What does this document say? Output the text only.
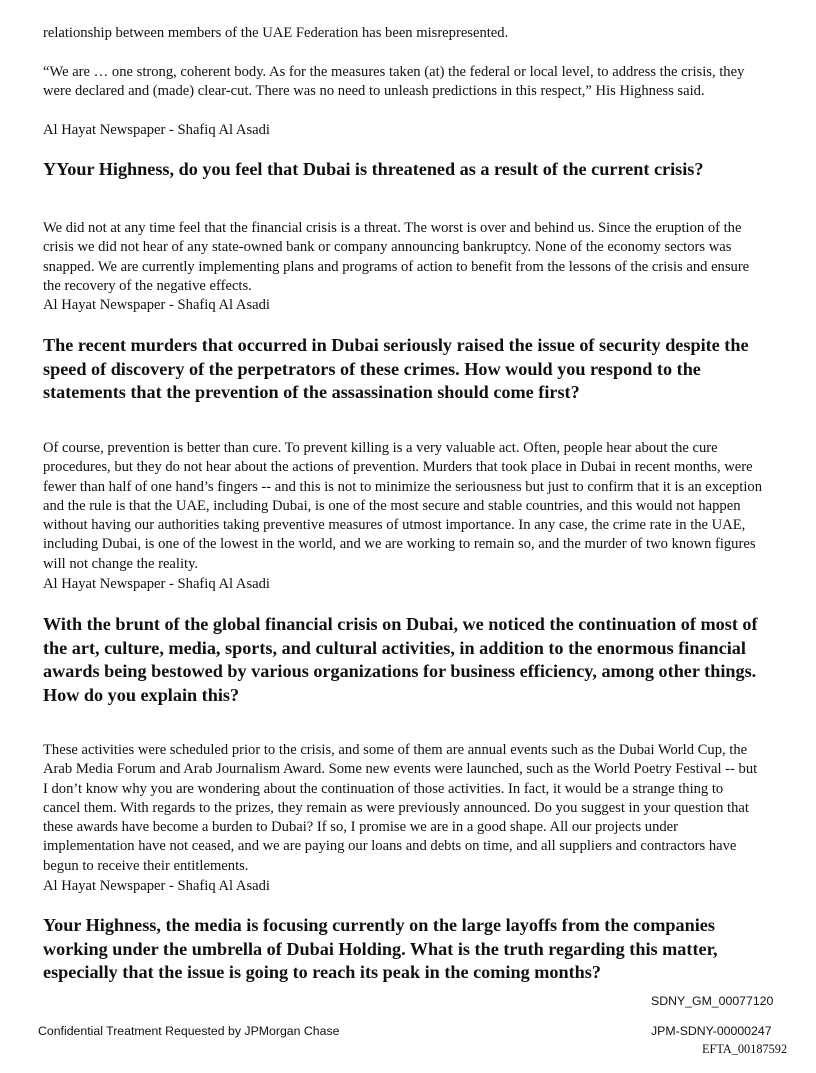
relationship between members of the UAE Federation has been misrepresented.

“We are … one strong, coherent body. As for the measures taken (at) the federal or local level, to address the crisis, they were declared and (made) clear-cut. There was no need to unleash predictions in this respect,” His Highness said.

Al Hayat Newspaper - Shafiq Al Asadi

YYour Highness, do you feel that Dubai is threatened as a result of the current crisis?

We did not at any time feel that the financial crisis is a threat. The worst is over and behind us. Since the eruption of the crisis we did not hear of any state-owned bank or company announcing bankruptcy. None of the economy sectors was snapped. We are currently implementing plans and programs of action to benefit from the lessons of the crisis and ensure the recovery of the negative effects.

Al Hayat Newspaper - Shafiq Al Asadi

The recent murders that occurred in Dubai seriously raised the issue of security despite the speed of discovery of the perpetrators of these crimes. How would you respond to the statements that the prevention of the assassination should come first?

Of course, prevention is better than cure. To prevent killing is a very valuable act. Often, people hear about the cure procedures, but they do not hear about the actions of prevention. Murders that took place in Dubai in recent months, were fewer than half of one hand’s fingers -- and this is not to minimize the seriousness but just to confirm that it is an exception and the rule is that the UAE, including Dubai, is one of the most secure and stable countries, and this would not happen without having our authorities taking preventive measures of utmost importance. In any case, the crime rate in the UAE, including Dubai, is one of the lowest in the world, and we are working to remain so, and the murder of two known figures will not change the reality.

Al Hayat Newspaper - Shafiq Al Asadi

With the brunt of the global financial crisis on Dubai, we noticed the continuation of most of the art, culture, media, sports, and cultural activities, in addition to the enormous financial awards being bestowed by various organizations for business efficiency, among other things. How do you explain this?

These activities were scheduled prior to the crisis, and some of them are annual events such as the Dubai World Cup, the Arab Media Forum and Arab Journalism Award. Some new events were launched, such as the World Poetry Festival -- but I don’t know why you are wondering about the continuation of those activities. In fact, it would be a strange thing to cancel them. With regards to the prizes, they remain as were previously announced. Do you suggest in your question that these awards have become a burden to Dubai? If so, I promise we are in a good shape. All our projects under implementation have not ceased, and we are paying our loans and debts on time, and all suppliers and contractors have begun to receive their entitlements.

Al Hayat Newspaper - Shafiq Al Asadi

Your Highness, the media is focusing currently on the large layoffs from the companies working under the umbrella of Dubai Holding. What is the truth regarding this matter, especially that the issue is going to reach its peak in the coming months?

SDNY_GM_00077120
Confidential Treatment Requested by JPMorgan Chase	JPM-SDNY-00000247
EFTA_00187592
